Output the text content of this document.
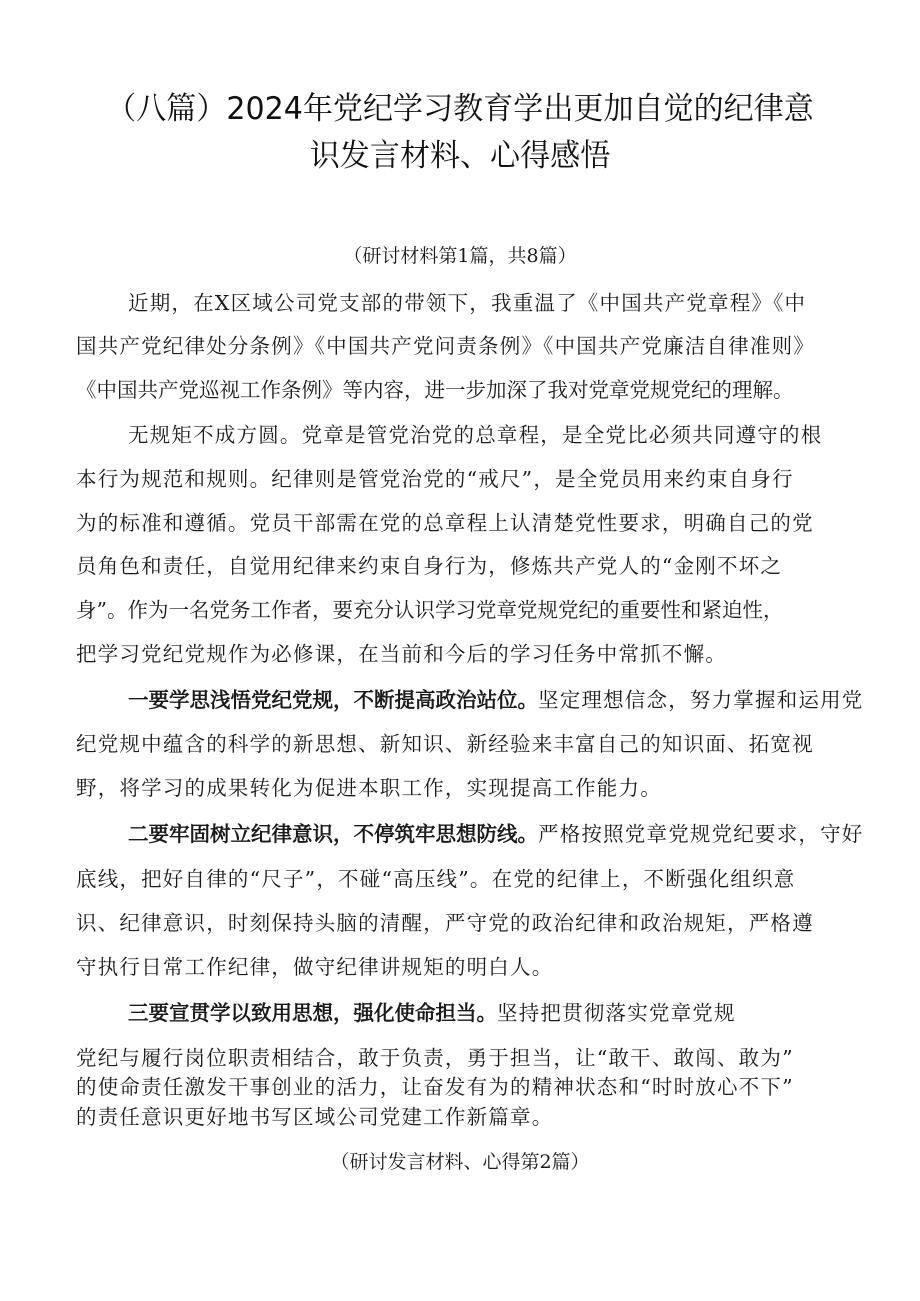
（八篇）2024年党纪学习教育学出更加自觉的纪律意
识发言材料、心得感悟
（研讨材料第1篇，共8篇）
近期，在X区域公司党支部的带领下，我重温了《中国共产党章程》《中
国共产党纪律处分条例》《中国共产党问责条例》《中国共产党廉洁自律准则》
《中国共产党巡视工作条例》等内容，进一步加深了我对党章党规党纪的理解。
无规矩不成方圆。党章是管党治党的总章程，是全党比必须共同遵守的根
本行为规范和规则。纪律则是管党治党的“戒尺”，是全党员用来约束自身行
为的标准和遵循。党员干部需在党的总章程上认清楚党性要求，明确自己的党
员角色和责任，自觉用纪律来约束自身行为，修炼共产党人的“金刚不坏之
身”。作为一名党务工作者，要充分认识学习党章党规党纪的重要性和紧迫性，
把学习党纪党规作为必修课，在当前和今后的学习任务中常抓不懈。
一要学思浅悟党纪党规，不断提高政治站位。坚定理想信念，努力掌握和运用党
纪党规中蕴含的科学的新思想、新知识、新经验来丰富自己的知识面、拓宽视
野，将学习的成果转化为促进本职工作，实现提高工作能力。
二要牢固树立纪律意识，不停筑牢思想防线。严格按照党章党规党纪要求，守好
底线，把好自律的“尺子”，不碰“高压线”。在党的纪律上，不断强化组织意
识、纪律意识，时刻保持头脑的清醒，严守党的政治纪律和政治规矩，严格遵
守执行日常工作纪律，做守纪律讲规矩的明白人。
三要宣贯学以致用思想，强化使命担当。坚持把贯彻落实党章党规
党纪与履行岗位职责相结合，敢于负责，勇于担当，让“敢干、敢闯、敢为”
的使命责任激发干事创业的活力，让奋发有为的精神状态和“时时放心不下”
的责任意识更好地书写区域公司党建工作新篇章。
（研讨发言材料、心得第2篇）
